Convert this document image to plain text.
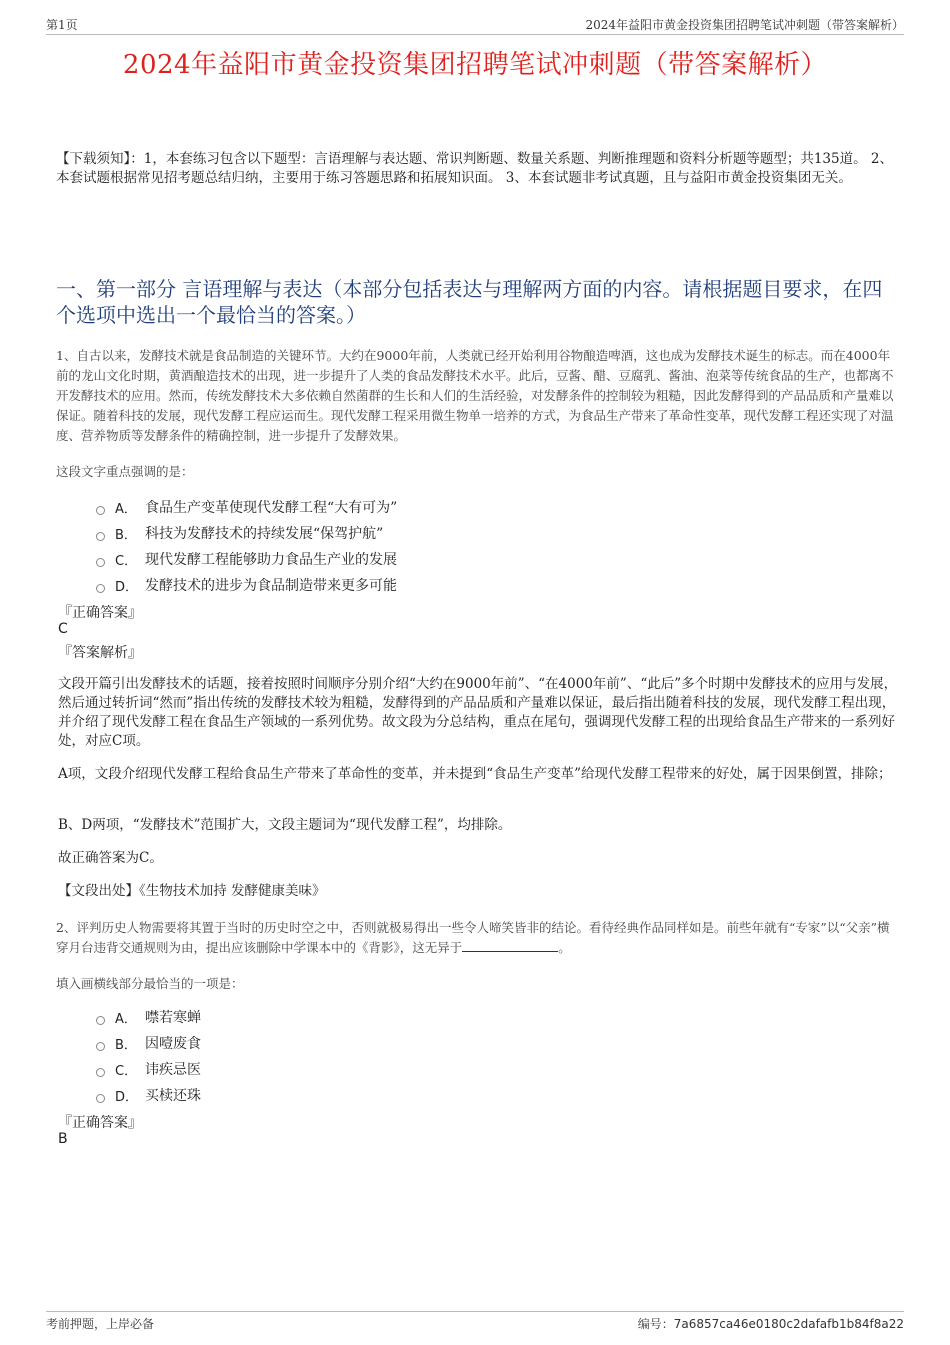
第1页	2024年益阳市黄金投资集团招聘笔试冲刺题（带答案解析）
2024年益阳市黄金投资集团招聘笔试冲刺题（带答案解析）
【下载须知】：1，本套练习包含以下题型：言语理解与表达题、常识判断题、数量关系题、判断推理题和资料分析题等题型；共135道。 2、本套试题根据常见招考题总结归纳，主要用于练习答题思路和拓展知识面。 3、本套试题非考试真题，且与益阳市黄金投资集团无关。
一、第一部分 言语理解与表达（本部分包括表达与理解两方面的内容。请根据题目要求，在四个选项中选出一个最恰当的答案。）
1、自古以来，发酵技术就是食品制造的关键环节。大约在9000年前，人类就已经开始利用谷物酿造啤酒，这也成为发酵技术诞生的标志。而在4000年前的龙山文化时期，黄酒酿造技术的出现，进一步提升了人类的食品发酵技术水平。此后，豆酱、醋、豆腐乳、酱油、泡菜等传统食品的生产，也都离不开发酵技术的应用。然而，传统发酵技术大多依赖自然菌群的生长和人们的生活经验，对发酵条件的控制较为粗糙，因此发酵得到的产品品质和产量难以保证。随着科技的发展，现代发酵工程应运而生。现代发酵工程采用微生物单一培养的方式，为食品生产带来了革命性变革，现代发酵工程还实现了对温度、营养物质等发酵条件的精确控制，进一步提升了发酵效果。
这段文字重点强调的是：
A． 食品生产变革使现代发酵工程“大有可为”
B． 科技为发酵技术的持续发展“保驾护航”
C． 现代发酵工程能够助力食品生产业的发展
D． 发酵技术的进步为食品制造带来更多可能
『正确答案』
C
『答案解析』
文段开篇引出发酵技术的话题，接着按照时间顺序分别介绍“大约在9000年前”、“在4000年前”、“此后”多个时期中发酵技术的应用与发展，然后通过转折词“然而”指出传统的发酵技术较为粗糙，发酵得到的产品品质和产量难以保证，最后指出随着科技的发展，现代发酵工程出现，并介绍了现代发酵工程在食品生产领域的一系列优势。故文段为分总结构，重点在尾句，强调现代发酵工程的出现给食品生产带来的一系列好处，对应C项。
A项，文段介绍现代发酵工程给食品生产带来了革命性的变革，并未提到“食品生产变革”给现代发酵工程带来的好处，属于因果倒置，排除；
B、D两项，“发酵技术”范围扩大，文段主题词为“现代发酵工程”，均排除。
故正确答案为C。
【文段出处】《生物技术加持 发酵健康美味》
2、评判历史人物需要将其置于当时的历史时空之中，否则就极易得出一些令人啼笑皆非的结论。看待经典作品同样如是。前些年就有“专家”以“父亲”横穿月台违背交通规则为由，提出应该删除中学课本中的《背影》，这无异于	。
填入画横线部分最恰当的一项是：
A． 噤若寒蝉
B． 因噎废食
C． 讳疾忌医
D． 买椟还珠
『正确答案』
B
考前押题，上岸必备	编号：7a6857ca46e0180c2dafafb1b84f8a22
